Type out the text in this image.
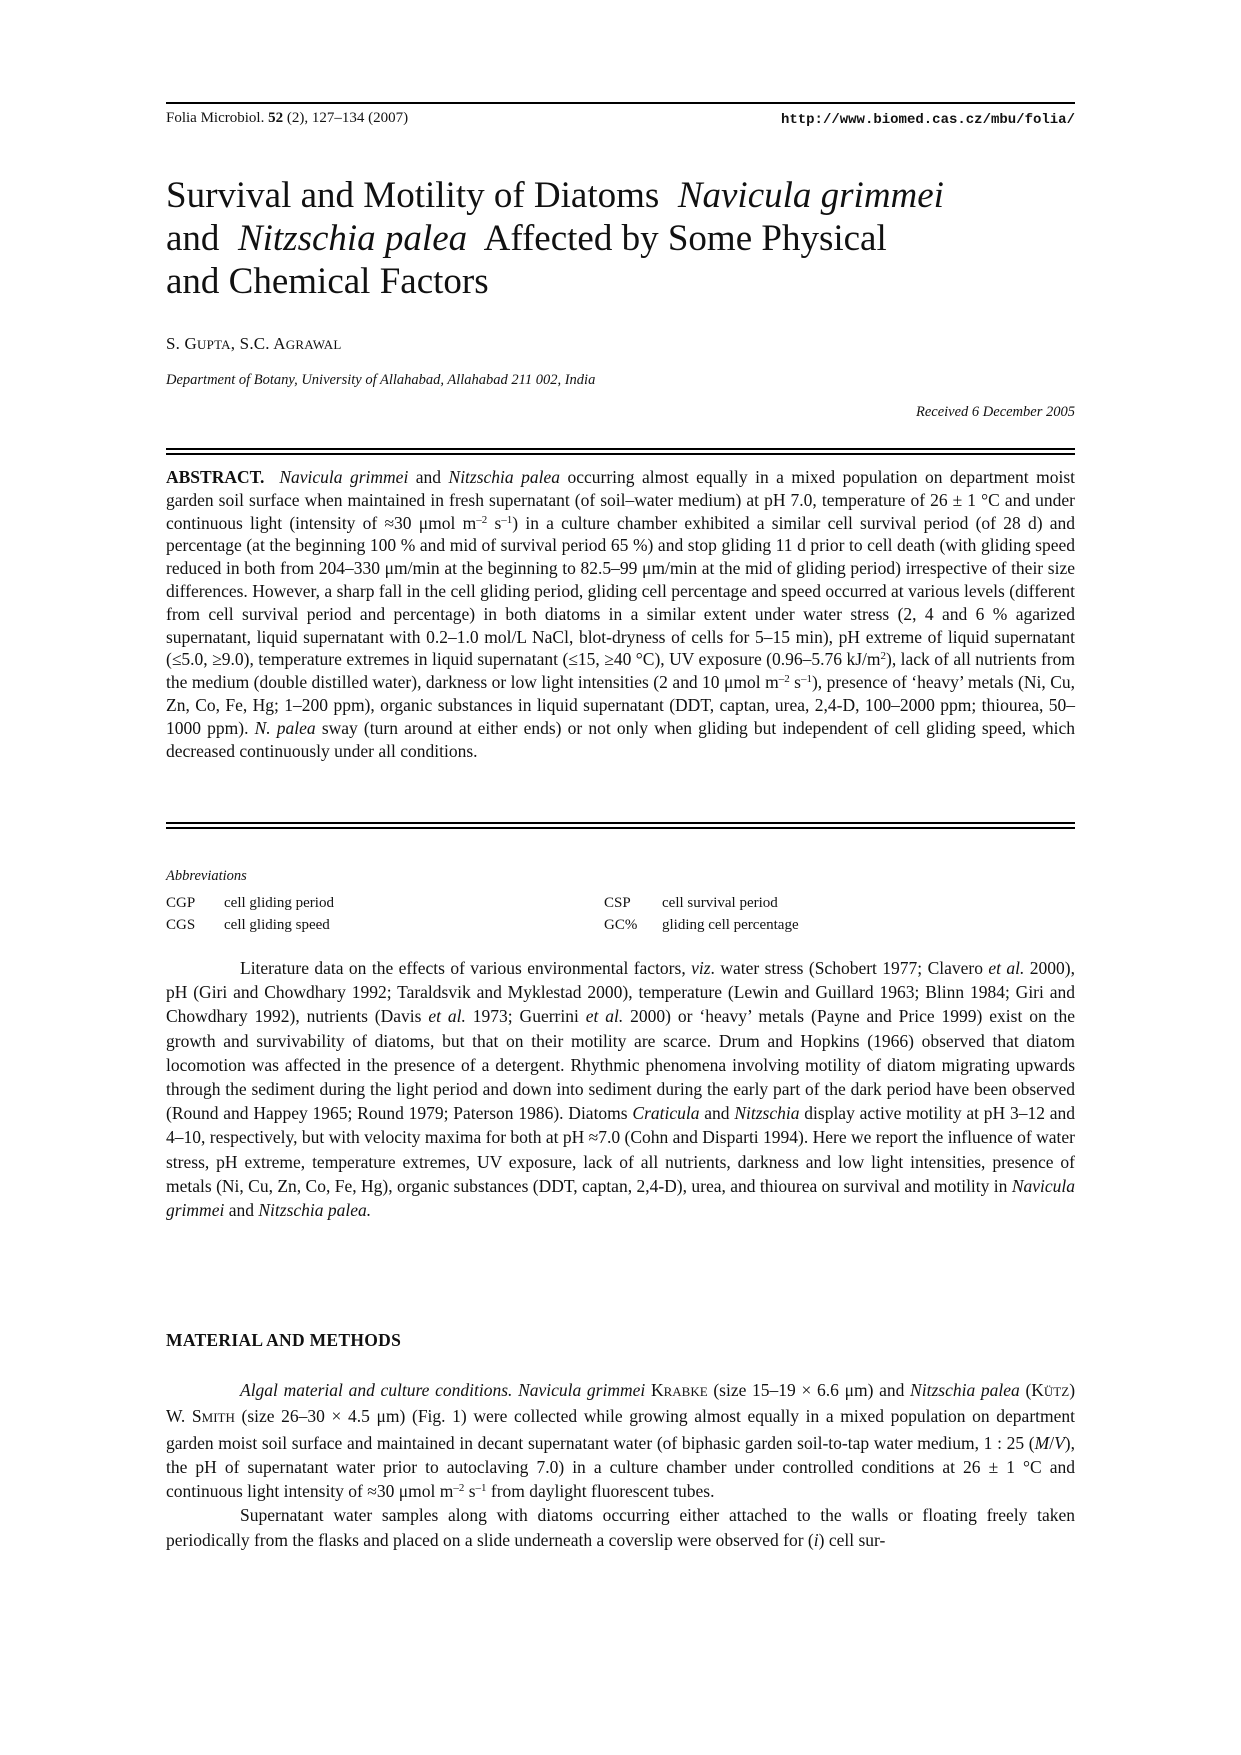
Folia Microbiol. 52 (2), 127–134 (2007)	http://www.biomed.cas.cz/mbu/folia/
Survival and Motility of Diatoms Navicula grimmei
and Nitzschia palea Affected by Some Physical
and Chemical Factors
S. GUPTA, S.C. AGRAWAL
Department of Botany, University of Allahabad, Allahabad 211 002, India
Received 6 December 2005
ABSTRACT. Navicula grimmei and Nitzschia palea occurring almost equally in a mixed population on department moist garden soil surface when maintained in fresh supernatant (of soil–water medium) at pH 7.0, temperature of 26 ± 1 °C and under continuous light (intensity of ≈30 μmol $m^{-2}$ $s^{-1}$) in a culture chamber exhibited a similar cell survival period (of 28 d) and percentage (at the beginning 100 % and mid of survival period 65 %) and stop gliding 11 d prior to cell death (with gliding speed reduced in both from 204–330 μm/min at the beginning to 82.5–99 μm/min at the mid of gliding period) irrespective of their size differences. However, a sharp fall in the cell gliding period, gliding cell percentage and speed occurred at various levels (different from cell survival period and percentage) in both diatoms in a similar extent under water stress (2, 4 and 6 % agarized supernatant, liquid supernatant with 0.2–1.0 mol/L NaCl, blot-dryness of cells for 5–15 min), pH extreme of liquid supernatant (≤5.0, ≥9.0), temperature extremes in liquid supernatant (≤15, ≥40 °C), UV exposure (0.96–5.76 $kJ/m^2$), lack of all nutrients from the medium (double distilled water), darkness or low light intensities (2 and 10 μmol $m^{-2}$ $s^{-1}$), presence of ‘heavy’ metals (Ni, Cu, Zn, Co, Fe, Hg; 1–200 ppm), organic substances in liquid supernatant (DDT, captan, urea, 2,4-D, 100–2000 ppm; thiourea, 50–1000 ppm). N. palea sway (turn around at either ends) or not only when gliding but independent of cell gliding speed, which decreased continuously under all conditions.
Abbreviations
CGP cell gliding period	CSP cell survival period
CGS cell gliding speed	GC% gliding cell percentage

Literature data on the effects of various environmental factors, viz. water stress (Schobert 1977; Clavero et al. 2000), pH (Giri and Chowdhary 1992; Taraldsvik and Myklestad 2000), temperature (Lewin and Guillard 1963; Blinn 1984; Giri and Chowdhary 1992), nutrients (Davis et al. 1973; Guerrini et al. 2000) or ‘heavy’ metals (Payne and Price 1999) exist on the growth and survivability of diatoms, but that on their motility are scarce. Drum and Hopkins (1966) observed that diatom locomotion was affected in the presence of a detergent. Rhythmic phenomena involving motility of diatom migrating upwards through the sediment during the light period and down into sediment during the early part of the dark period have been observed (Round and Happey 1965; Round 1979; Paterson 1986). Diatoms Craticula and Nitzschia display active motility at pH 3–12 and 4–10, respectively, but with velocity maxima for both at pH ≈7.0 (Cohn and Disparti 1994). Here we report the influence of water stress, pH extreme, temperature extremes, UV exposure, lack of all nutrients, darkness and low light intensities, presence of metals (Ni, Cu, Zn, Co, Fe, Hg), organic substances (DDT, captan, 2,4-D), urea, and thiourea on survival and motility in Navicula grimmei and Nitzschia palea.

MATERIAL AND METHODS

Algal material and culture conditions. Navicula grimmei KRABKE (size 15–19 × 6.6 μm) and Nitzschia palea (KÜTZ) W. SMITH (size 26–30 × 4.5 μm) (Fig. 1) were collected while growing almost equally in a mixed population on department garden moist soil surface and maintained in decant supernatant water (of biphasic garden soil-to-tap water medium, 1 : 25 (M/V), the pH of supernatant water prior to autoclaving 7.0) in a culture chamber under controlled conditions at 26 ± 1 °C and continuous light intensity of ≈30 μmol $m^{-2}$ $s^{-1}$ from daylight fluorescent tubes.

Supernatant water samples along with diatoms occurring either attached to the walls or floating freely taken periodically from the flasks and placed on a slide underneath a coverslip were observed for (i) cell sur-
